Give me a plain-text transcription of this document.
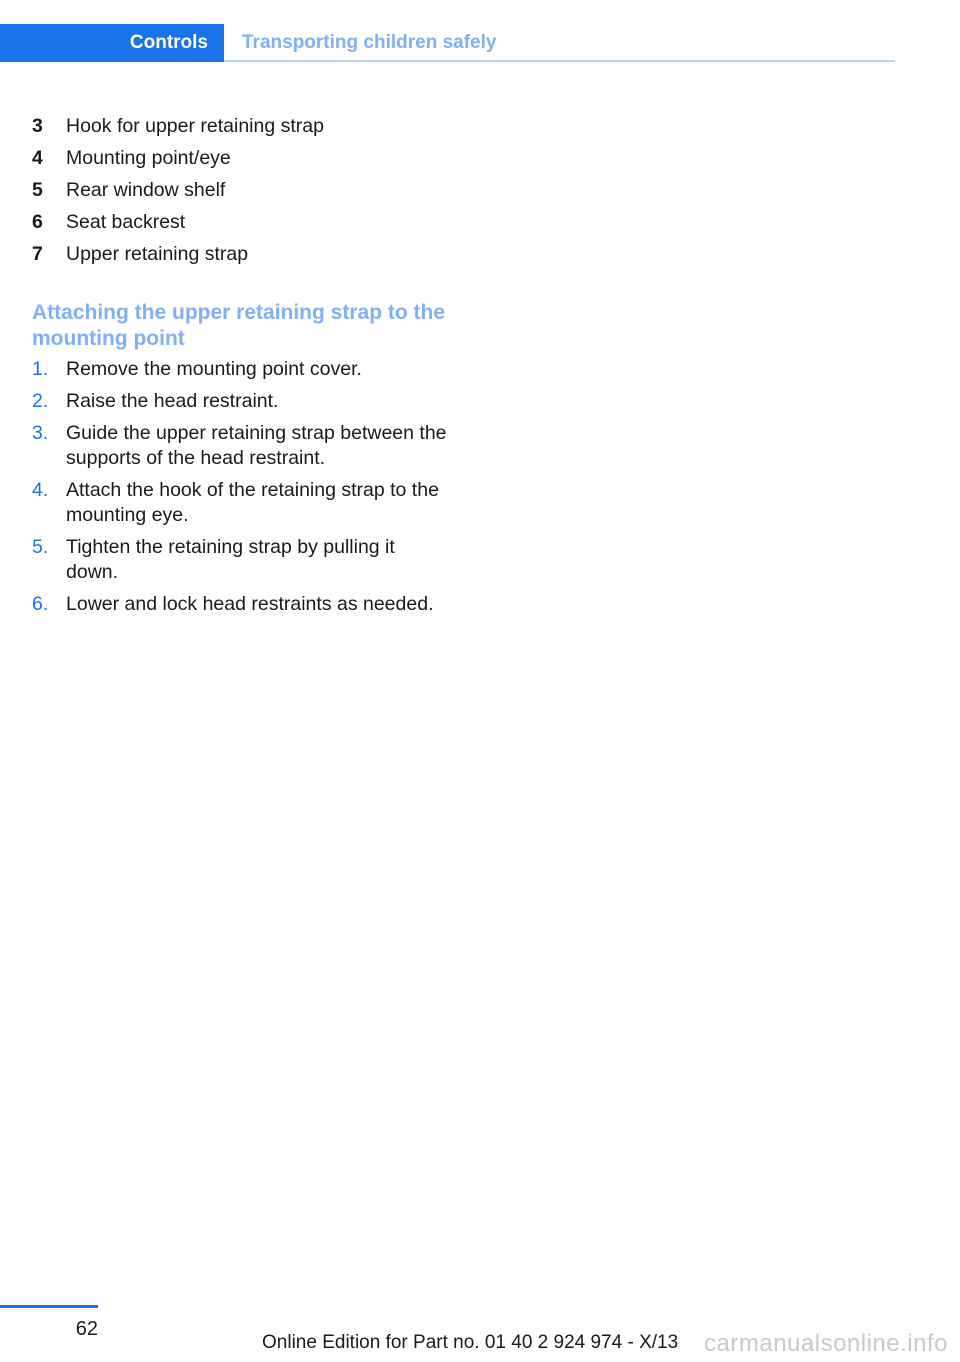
Controls	Transporting children safely
3	Hook for upper retaining strap
4	Mounting point/eye
5	Rear window shelf
6	Seat backrest
7	Upper retaining strap
Attaching the upper retaining strap to the mounting point
1. Remove the mounting point cover.
2. Raise the head restraint.
3. Guide the upper retaining strap between the supports of the head restraint.
4. Attach the hook of the retaining strap to the mounting eye.
5. Tighten the retaining strap by pulling it down.
6. Lower and lock head restraints as needed.
62
Online Edition for Part no. 01 40 2 924 974 - X/13 carmanualsonline.info
